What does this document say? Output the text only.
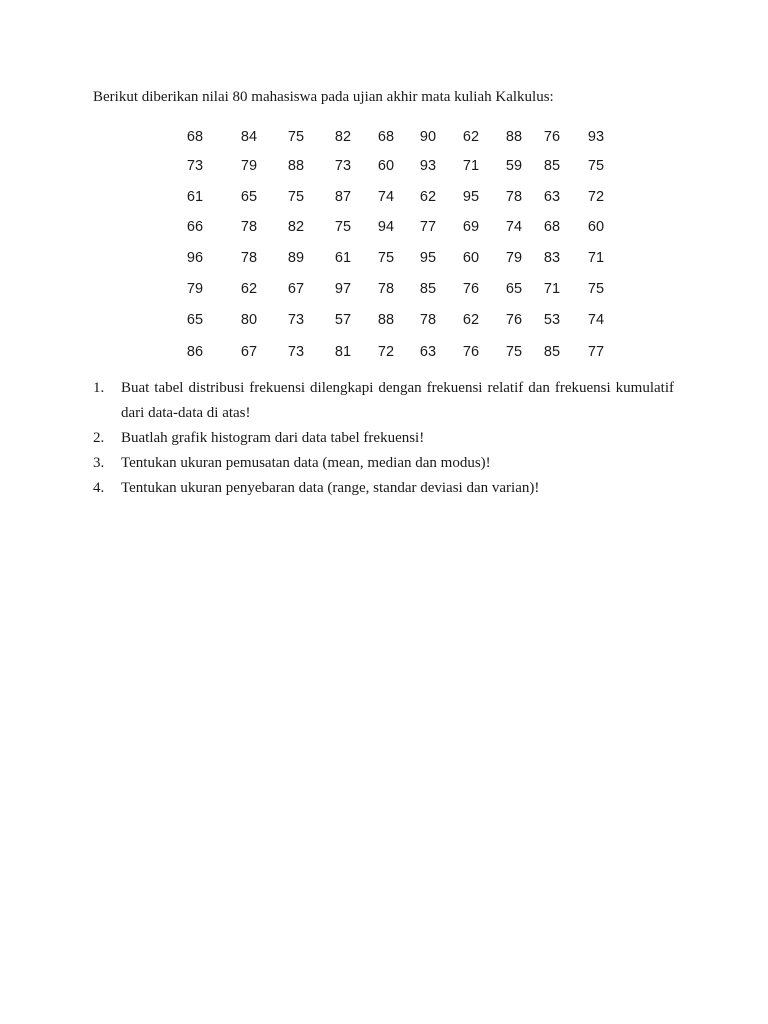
Berikut diberikan nilai 80 mahasiswa pada ujian akhir mata kuliah Kalkulus:
68	84	75	82	68	90	62	88	76	93
73	79	88	73	60	93	71	59	85	75
61	65	75	87	74	62	95	78	63	72
66	78	82	75	94	77	69	74	68	60
96	78	89	61	75	95	60	79	83	71
79	62	67	97	78	85	76	65	71	75
65	80	73	57	88	78	62	76	53	74
86	67	73	81	72	63	76	75	85	77
1. Buat tabel distribusi frekuensi dilengkapi dengan frekuensi relatif dan frekuensi kumulatif dari data-data di atas!
2. Buatlah grafik histogram dari data tabel frekuensi!
3. Tentukan ukuran pemusatan data (mean, median dan modus)!
4. Tentukan ukuran penyebaran data (range, standar deviasi dan varian)!
